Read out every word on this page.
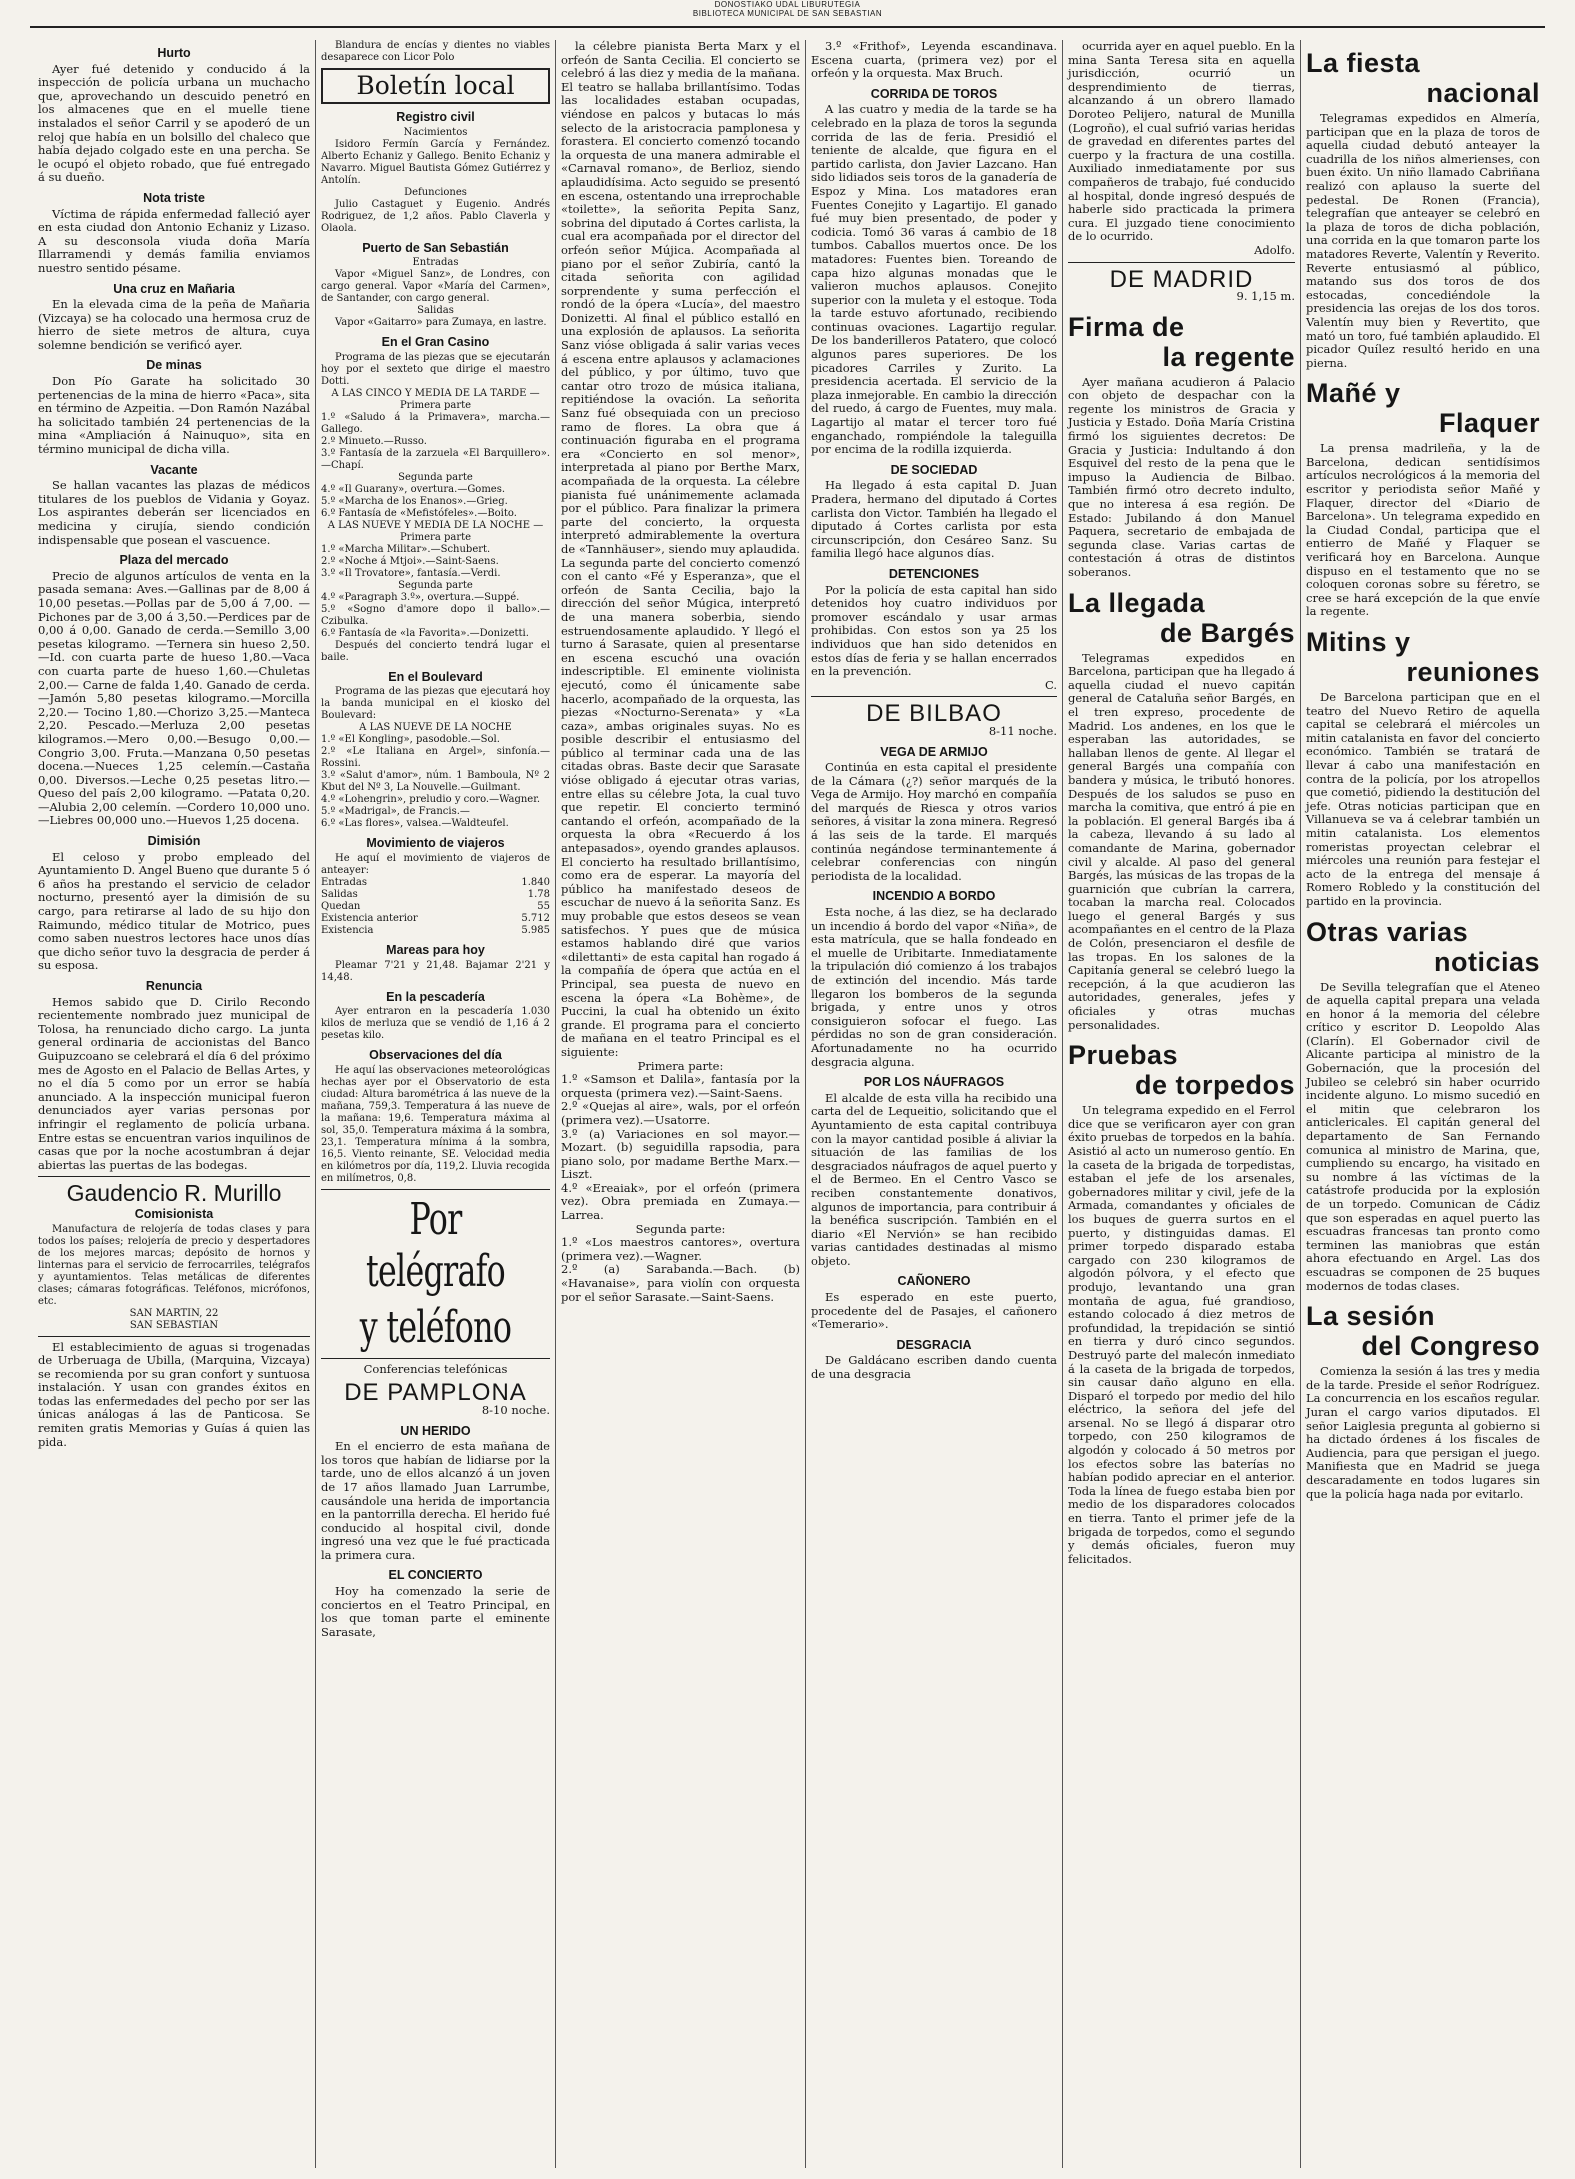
DONOSTIAKO UDAL LIBURUTEGIA
BIBLIOTECA MUNICIPAL DE SAN SEBASTIAN
Hurto

Ayer fué detenido y conducido á la inspección de policía urbana un muchacho que, aprovechando un descuido penetró en los almacenes que en el muelle tiene instalados el señor Carril y se apoderó de un reloj que había en un bolsillo del chaleco que había dejado colgado este en una percha. Se le ocupó el objeto robado, que fué entregado á su dueño.

Nota triste

Víctima de rápida enfermedad falleció ayer en esta ciudad don Antonio Echaniz y Lizaso. A su desconsola viuda doña María Illarramendi y demás familia enviamos nuestro sentido pésame.

Una cruz en Mañaria

En la elevada cima de la peña de Mañaria (Vizcaya) se ha colocado una hermosa cruz de hierro de siete metros de altura, cuya solemne bendición se verificó ayer.

De minas

Don Pío Garate ha solicitado 30 pertenencias de la mina de hierro «Paca», sita en término de Azpeitia. —Don Ramón Nazábal ha solicitado también 24 pertenencias de la mina «Ampliación á Nainuquo», sita en término municipal de dicha villa.

Vacante

Se hallan vacantes las plazas de médicos titulares de los pueblos de Vidania y Goyaz. Los aspirantes deberán ser licenciados en medicina y cirujía, siendo condición indispensable que posean el vascuence.

Plaza del mercado

Precio de algunos artículos de venta en la pasada semana: Aves.—Gallinas par de 8,00 á 10,00 pesetas.—Pollas par de 5,00 á 7,00. —Pichones par de 3,00 á 3,50.—Perdices par de 0,00 á 0,00. Ganado de cerda.—Semillo 3,00 pesetas kilogramo. —Ternera sin hueso 2,50.—Id. con cuarta parte de hueso 1,80.—Vaca con cuarta parte de hueso 1,60.—Chuletas 2,00.— Carne de falda 1,40. Ganado de cerda.—Jamón 5,80 pesetas kilogramo.—Morcilla 2,20.— Tocino 1,80.—Chorizo 3,25.—Manteca 2,20. Pescado.—Merluza 2,00 pesetas kilogramos.—Mero 0,00.—Besugo 0,00.—Congrio 3,00. Fruta.—Manzana 0,50 pesetas docena.—Nueces 1,25 celemín.—Castaña 0,00. Diversos.—Leche 0,25 pesetas litro.—Queso del país 2,00 kilogramo. —Patata 0,20.—Alubia 2,00 celemín. —Cordero 10,000 uno.—Liebres 00,000 uno.—Huevos 1,25 docena.

Dimisión

El celoso y probo empleado del Ayuntamiento D. Angel Bueno que durante 5 ó 6 años ha prestando el servicio de celador nocturno, presentó ayer la dimisión de su cargo, para retirarse al lado de su hijo don Raimundo, médico titular de Motrico, pues como saben nuestros lectores hace unos días que dicho señor tuvo la desgracia de perder á su esposa.

Renuncia

Hemos sabido que D. Cirilo Recondo recientemente nombrado juez municipal de Tolosa, ha renunciado dicho cargo. La junta general ordinaria de accionistas del Banco Guipuzcoano se celebrará el día 6 del próximo mes de Agosto en el Palacio de Bellas Artes, y no el día 5 como por un error se había anunciado. A la inspección municipal fueron denunciados ayer varias personas por infringir el reglamento de policía urbana. Entre estas se encuentran varios inquilinos de casas que por la noche acostumbran á dejar abiertas las puertas de las bodegas.

Gaudencio R. Murillo
Comisionista

Manufactura de relojería de todas clases y para todos los países; relojería de precio y despertadores de los mejores marcas; depósito de hornos y linternas para el servicio de ferrocarriles, telégrafos y ayuntamientos. Telas metálicas de diferentes clases; cámaras fotográficas. Teléfonos, micrófonos, etc.

SAN MARTIN, 22
SAN SEBASTIAN

El establecimiento de aguas si trogenadas de Urberuaga de Ubilla, (Marquina, Vizcaya) se recomienda por su gran confort y suntuosa instalación. Y usan con grandes éxitos en todas las enfermedades del pecho por ser las únicas análogas á las de Panticosa. Se remiten gratis Memorias y Guías á quien las pida.

Blandura de encías y dientes no viables desaparece con Licor Polo

Boletín local
Registro civil
Nacimientos

Isidoro Fermín García y Fernández. Alberto Echaniz y Gallego. Benito Echaniz y Navarro. Miguel Bautista Gómez Gutiérrez y Antolín.

Defunciones

Julio Castaguet y Eugenio. Andrés Rodriguez, de 1,2 años. Pablo Claverla y Olaola.

Puerto de San Sebastián
Entradas

Vapor «Miguel Sanz», de Londres, con cargo general. Vapor «María del Carmen», de Santander, con cargo general.

Salidas

Vapor «Gaitarro» para Zumaya, en lastre.

En el Gran Casino

Programa de las piezas que se ejecutarán hoy por el sexteto que dirige el maestro Dotti.

A LAS CINCO Y MEDIA DE LA TARDE — Primera parte
1.º «Saludo á la Primavera», marcha.—Gallego.
2.º Minueto.—Russo.
3.º Fantasía de la zarzuela «El Barquillero».—Chapí.
Segunda parte
4.º «Il Guarany», overtura.—Gomes.
5.º «Marcha de los Enanos».—Grieg.
6.º Fantasía de «Mefistófeles».—Boito.
A LAS NUEVE Y MEDIA DE LA NOCHE — Primera parte
1.º «Marcha Militar».—Schubert.
2.º «Noche á Mtjoi».—Saint-Saens.
3.º «Il Trovatore», fantasía.—Verdi.
Segunda parte
4.º «Paragraph 3.º», overtura.—Suppé.
5.º «Sogno d'amore dopo il ballo».—Czibulka.
6.º Fantasía de «la Favorita».—Donizetti.

Después del concierto tendrá lugar el baile.

En el Boulevard

Programa de las piezas que ejecutará hoy la banda municipal en el kiosko del Boulevard:

A LAS NUEVE DE LA NOCHE
1.º «El Kongling», pasodoble.—Sol.
2.º «Le Italiana en Argel», sinfonía.—Rossini.
3.º «Salut d'amor», núm. 1 Bamboula, Nº 2 Kbut del Nº 3, La Nouvelle.—Guilmant.
4.º «Lohengrin», preludio y coro.—Wagner.
5.º «Madrigal», de Francis.—
6.º «Las flores», valsea.—Waldteufel.
Movimiento de viajeros

He aquí el movimiento de viajeros de anteayer:

Entradas	1.840
Salidas	1.78
Quedan	55
Existencia anterior	5.712
Existencia	5.985
Mareas para hoy

Pleamar 7'21 y 21,48. Bajamar 2'21 y 14,48.

En la pescadería

Ayer entraron en la pescadería 1.030 kilos de merluza que se vendió de 1,16 á 2 pesetas kilo.

Observaciones del día

He aquí las observaciones meteorológicas hechas ayer por el Observatorio de esta ciudad: Altura barométrica á las nueve de la mañana, 759,3. Temperatura á las nueve de la mañana: 19,6. Temperatura máxima al sol, 35,0. Temperatura máxima á la sombra, 23,1. Temperatura mínima á la sombra, 16,5. Viento reinante, SE. Velocidad media en kilómetros por día, 119,2. Lluvia recogida en milímetros, 0,8.

Por telégrafo
y teléfono
Conferencias telefónicas
DE PAMPLONA
8-10 noche.
UN HERIDO

En el encierro de esta mañana de los toros que habían de lidiarse por la tarde, uno de ellos alcanzó á un joven de 17 años llamado Juan Larrumbe, causándole una herida de importancia en la pantorrilla derecha. El herido fué conducido al hospital civil, donde ingresó una vez que le fué practicada la primera cura.

EL CONCIERTO

Hoy ha comenzado la serie de conciertos en el Teatro Principal, en los que toman parte el eminente Sarasate,

la célebre pianista Berta Marx y el orfeón de Santa Cecilia. El concierto se celebró á las diez y media de la mañana. El teatro se hallaba brillantísimo. Todas las localidades estaban ocupadas, viéndose en palcos y butacas lo más selecto de la aristocracia pamplonesa y forastera. El concierto comenzó tocando la orquesta de una manera admirable el «Carnaval romano», de Berlioz, siendo aplaudidísima. Acto seguido se presentó en escena, ostentando una irreprochable «toilette», la señorita Pepita Sanz, sobrina del diputado á Cortes carlista, la cual era acompañada por el director del orfeón señor Mújica. Acompañada al piano por el señor Zubiría, cantó la citada señorita con agilidad sorprendente y suma perfección el rondó de la ópera «Lucía», del maestro Donizetti. Al final el público estalló en una explosión de aplausos. La señorita Sanz vióse obligada á salir varias veces á escena entre aplausos y aclamaciones del público, y por último, tuvo que cantar otro trozo de música italiana, repitiéndose la ovación. La señorita Sanz fué obsequiada con un precioso ramo de flores. La obra que á continuación figuraba en el programa era «Concierto en sol menor», interpretada al piano por Berthe Marx, acompañada de la orquesta. La célebre pianista fué unánimemente aclamada por el público. Para finalizar la primera parte del concierto, la orquesta interpretó admirablemente la overtura de «Tannhäuser», siendo muy aplaudida. La segunda parte del concierto comenzó con el canto «Fé y Esperanza», que el orfeón de Santa Cecilia, bajo la dirección del señor Múgica, interpretó de una manera soberbia, siendo estruendosamente aplaudido. Y llegó el turno á Sarasate, quien al presentarse en escena escuchó una ovación indescriptible. El eminente violinista ejecutó, como él únicamente sabe hacerlo, acompañado de la orquesta, las piezas «Nocturno-Serenata» y «La caza», ambas originales suyas. No es posible describir el entusiasmo del público al terminar cada una de las citadas obras. Baste decir que Sarasate vióse obligado á ejecutar otras varias, entre ellas su célebre Jota, la cual tuvo que repetir. El concierto terminó cantando el orfeón, acompañado de la orquesta la obra «Recuerdo á los antepasados», oyendo grandes aplausos. El concierto ha resultado brillantísimo, como era de esperar. La mayoría del público ha manifestado deseos de escuchar de nuevo á la señorita Sanz. Es muy probable que estos deseos se vean satisfechos. Y pues que de música estamos hablando diré que varios «dilettanti» de esta capital han rogado á la compañía de ópera que actúa en el Principal, sea puesta de nuevo en escena la ópera «La Bohème», de Puccini, la cual ha obtenido un éxito grande. El programa para el concierto de mañana en el teatro Principal es el siguiente:

Primera parte:
1.º «Samson et Dalila», fantasía por la orquesta (primera vez).—Saint-Saens.
2.º «Quejas al aire», wals, por el orfeón (primera vez).—Usatorre.
3.º (a) Variaciones en sol mayor.—Mozart. (b) seguidilla rapsodia, para piano solo, por madame Berthe Marx.—Liszt.
4.º «Ereaiak», por el orfeón (primera vez). Obra premiada en Zumaya.—Larrea.
Segunda parte:
1.º «Los maestros cantores», overtura (primera vez).—Wagner.
2.º (a) Sarabanda.—Bach. (b) «Havanaise», para violín con orquesta por el señor Sarasate.—Saint-Saens.

3.º «Frithof», Leyenda escandinava. Escena cuarta, (primera vez) por el orfeón y la orquesta. Max Bruch.

CORRIDA DE TOROS

A las cuatro y media de la tarde se ha celebrado en la plaza de toros la segunda corrida de las de feria. Presidió el teniente de alcalde, que figura en el partido carlista, don Javier Lazcano. Han sido lidiados seis toros de la ganadería de Espoz y Mina. Los matadores eran Fuentes Conejito y Lagartijo. El ganado fué muy bien presentado, de poder y codicia. Tomó 36 varas á cambio de 18 tumbos. Caballos muertos once. De los matadores: Fuentes bien. Toreando de capa hizo algunas monadas que le valieron muchos aplausos. Conejito superior con la muleta y el estoque. Toda la tarde estuvo afortunado, recibiendo continuas ovaciones. Lagartijo regular. De los banderilleros Patatero, que colocó algunos pares superiores. De los picadores Carriles y Zurito. La presidencia acertada. El servicio de la plaza inmejorable. En cambio la dirección del ruedo, á cargo de Fuentes, muy mala. Lagartijo al matar el tercer toro fué enganchado, rompiéndole la taleguilla por encima de la rodilla izquierda.

DE SOCIEDAD

Ha llegado á esta capital D. Juan Pradera, hermano del diputado á Cortes carlista don Victor. También ha llegado el diputado á Cortes carlista por esta circunscripción, don Cesáreo Sanz. Su familia llegó hace algunos días.

DETENCIONES

Por la policía de esta capital han sido detenidos hoy cuatro individuos por promover escándalo y usar armas prohibidas. Con estos son ya 25 los individuos que han sido detenidos en estos días de feria y se hallan encerrados en la prevención.

C.
DE BILBAO
8-11 noche.
VEGA DE ARMIJO

Continúa en esta capital el presidente de la Cámara (¿?) señor marqués de la Vega de Armijo. Hoy marchó en compañía del marqués de Riesca y otros varios señores, á visitar la zona minera. Regresó á las seis de la tarde. El marqués continúa negándose terminantemente á celebrar conferencias con ningún periodista de la localidad.

INCENDIO A BORDO

Esta noche, á las diez, se ha declarado un incendio á bordo del vapor «Niña», de esta matrícula, que se halla fondeado en el muelle de Uribitarte. Inmediatamente la tripulación dió comienzo á los trabajos de extinción del incendio. Más tarde llegaron los bomberos de la segunda brigada, y entre unos y otros consiguieron sofocar el fuego. Las pérdidas no son de gran consideración. Afortunadamente no ha ocurrido desgracia alguna.

POR LOS NÁUFRAGOS

El alcalde de esta villa ha recibido una carta del de Lequeitio, solicitando que el Ayuntamiento de esta capital contribuya con la mayor cantidad posible á aliviar la situación de las familias de los desgraciados náufragos de aquel puerto y el de Bermeo. En el Centro Vasco se reciben constantemente donativos, algunos de importancia, para contribuir á la benéfica suscripción. También en el diario «El Nervión» se han recibido varias cantidades destinadas al mismo objeto.

CAÑONERO

Es esperado en este puerto, procedente del de Pasajes, el cañonero «Temerario».

DESGRACIA

De Galdácano escriben dando cuenta de una desgracia

ocurrida ayer en aquel pueblo. En la mina Santa Teresa sita en aquella jurisdicción, ocurrió un desprendimiento de tierras, alcanzando á un obrero llamado Doroteo Pelijero, natural de Munilla (Logroño), el cual sufrió varias heridas de gravedad en diferentes partes del cuerpo y la fractura de una costilla. Auxiliado inmediatamente por sus compañeros de trabajo, fué conducido al hospital, donde ingresó después de haberle sido practicada la primera cura. El juzgado tiene conocimiento de lo ocurrido.

Adolfo.
DE MADRID
9. 1,15 m.
Firma de
la regente

Ayer mañana acudieron á Palacio con objeto de despachar con la regente los ministros de Gracia y Justicia y Estado. Doña María Cristina firmó los siguientes decretos: De Gracia y Justicia: Indultando á don Esquivel del resto de la pena que le impuso la Audiencia de Bilbao. También firmó otro decreto indulto, que no interesa á esa región. De Estado: Jubilando á don Manuel Paquera, secretario de embajada de segunda clase. Varias cartas de contestación á otras de distintos soberanos.

La llegada
de Bargés

Telegramas expedidos en Barcelona, participan que ha llegado á aquella ciudad el nuevo capitán general de Cataluña señor Bargés, en el tren expreso, procedente de Madrid. Los andenes, en los que le esperaban las autoridades, se hallaban llenos de gente. Al llegar el general Bargés una compañía con bandera y música, le tributó honores. Después de los saludos se puso en marcha la comitiva, que entró á pie en la población. El general Bargés iba á la cabeza, llevando á su lado al comandante de Marina, gobernador civil y alcalde. Al paso del general Bargés, las músicas de las tropas de la guarnición que cubrían la carrera, tocaban la marcha real. Colocados luego el general Bargés y sus acompañantes en el centro de la Plaza de Colón, presenciaron el desfile de las tropas. En los salones de la Capitanía general se celebró luego la recepción, á la que acudieron las autoridades, generales, jefes y oficiales y otras muchas personalidades.

Pruebas
de torpedos

Un telegrama expedido en el Ferrol dice que se verificaron ayer con gran éxito pruebas de torpedos en la bahía. Asistió al acto un numeroso gentío. En la caseta de la brigada de torpedistas, estaban el jefe de los arsenales, gobernadores militar y civil, jefe de la Armada, comandantes y oficiales de los buques de guerra surtos en el puerto, y distinguidas damas. El primer torpedo disparado estaba cargado con 230 kilogramos de algodón pólvora, y el efecto que produjo, levantando una gran montaña de agua, fué grandioso, estando colocado á diez metros de profundidad, la trepidación se sintió en tierra y duró cinco segundos. Destruyó parte del malecón inmediato á la caseta de la brigada de torpedos, sin causar daño alguno en ella. Disparó el torpedo por medio del hilo eléctrico, la señora del jefe del arsenal. No se llegó á disparar otro torpedo, con 250 kilogramos de algodón y colocado á 50 metros por los efectos sobre las baterías no habían podido apreciar en el anterior. Toda la línea de fuego estaba bien por medio de los disparadores colocados en tierra. Tanto el primer jefe de la brigada de torpedos, como el segundo y demás oficiales, fueron muy felicitados.

La fiesta
nacional

Telegramas expedidos en Almería, participan que en la plaza de toros de aquella ciudad debutó anteayer la cuadrilla de los niños almerienses, con buen éxito. Un niño llamado Cabriñana realizó con aplauso la suerte del pedestal. De Ronen (Francia), telegrafían que anteayer se celebró en la plaza de toros de dicha población, una corrida en la que tomaron parte los matadores Reverte, Valentín y Reverito. Reverte entusiasmó al público, matando sus dos toros de dos estocadas, concediéndole la presidencia las orejas de los dos toros. Valentín muy bien y Revertito, que mató un toro, fué también aplaudido. El picador Quílez resultó herido en una pierna.

Mañé y
Flaquer

La prensa madrileña, y la de Barcelona, dedican sentidísimos artículos necrológicos á la memoria del escritor y periodista señor Mañé y Flaquer, director del «Diario de Barcelona». Un telegrama expedido en la Ciudad Condal, participa que el entierro de Mañé y Flaquer se verificará hoy en Barcelona. Aunque dispuso en el testamento que no se coloquen coronas sobre su féretro, se cree se hará excepción de la que envíe la regente.

Mitins y
reuniones

De Barcelona participan que en el teatro del Nuevo Retiro de aquella capital se celebrará el miércoles un mitin catalanista en favor del concierto económico. También se tratará de llevar á cabo una manifestación en contra de la policía, por los atropellos que cometió, pidiendo la destitución del jefe. Otras noticias participan que en Villanueva se va á celebrar también un mitin catalanista. Los elementos romeristas proyectan celebrar el miércoles una reunión para festejar el acto de la entrega del mensaje á Romero Robledo y la constitución del partido en la provincia.

Otras varias
noticias

De Sevilla telegrafían que el Ateneo de aquella capital prepara una velada en honor á la memoria del célebre crítico y escritor D. Leopoldo Alas (Clarín). El Gobernador civil de Alicante participa al ministro de la Gobernación, que la procesión del Jubileo se celebró sin haber ocurrido incidente alguno. Lo mismo sucedió en el mitin que celebraron los anticlericales. El capitán general del departamento de San Fernando comunica al ministro de Marina, que, cumpliendo su encargo, ha visitado en su nombre á las víctimas de la catástrofe producida por la explosión de un torpedo. Comunican de Cádiz que son esperadas en aquel puerto las escuadras francesas tan pronto como terminen las maniobras que están ahora efectuando en Argel. Las dos escuadras se componen de 25 buques modernos de todas clases.

La sesión
del Congreso

Comienza la sesión á las tres y media de la tarde. Preside el señor Rodríguez. La concurrencia en los escaños regular. Juran el cargo varios diputados. El señor Laiglesia pregunta al gobierno si ha dictado órdenes á los fiscales de Audiencia, para que persigan el juego. Manifiesta que en Madrid se juega descaradamente en todos lugares sin que la policía haga nada por evitarlo.
